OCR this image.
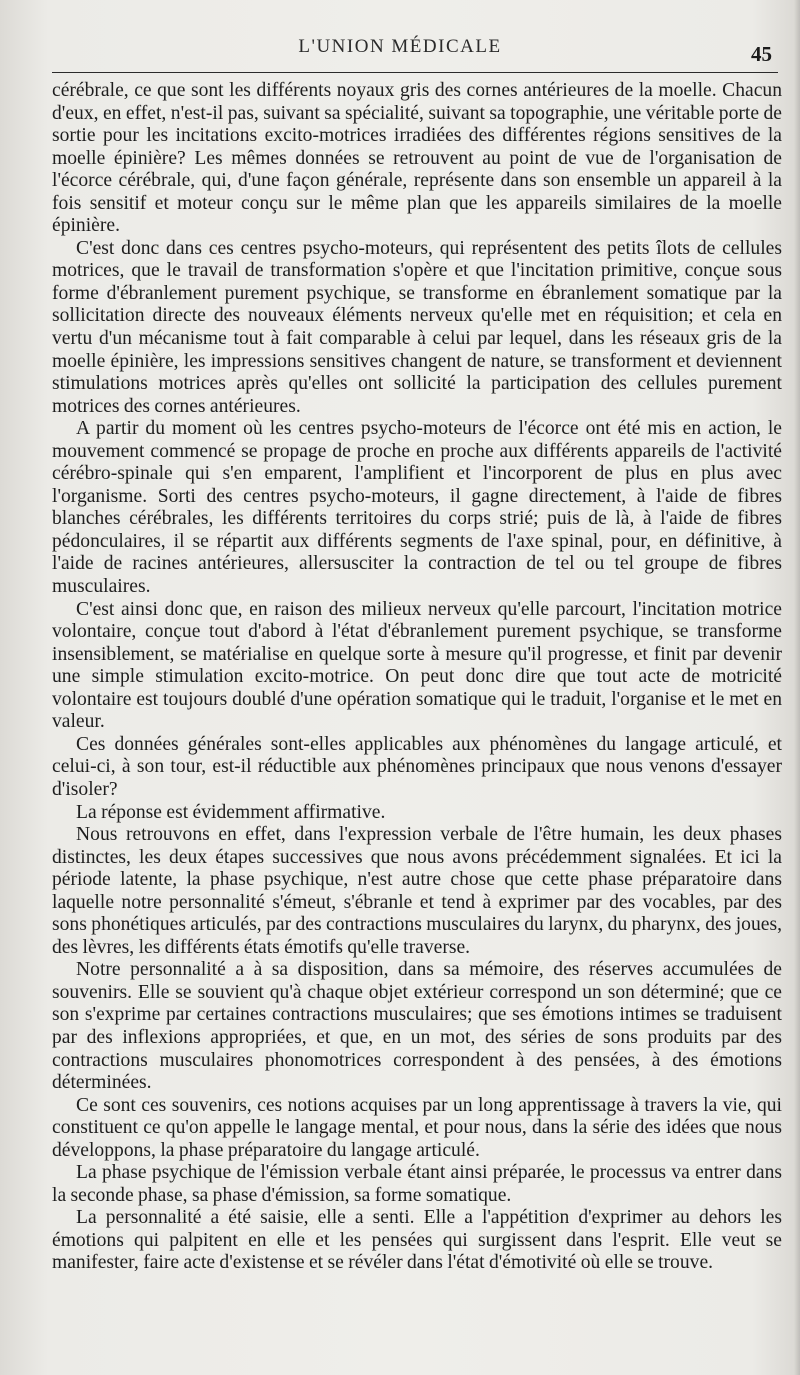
L'UNION MÉDICALE	45

cérébrale, ce que sont les différents noyaux gris des cornes antérieures de la moelle. Chacun d'eux, en effet, n'est-il pas, suivant sa spécialité, suivant sa topographie, une véritable porte de sortie pour les incitations excito-motrices irradiées des différentes régions sensitives de la moelle épinière? Les mêmes données se retrouvent au point de vue de l'organisation de l'écorce cérébrale, qui, d'une façon générale, représente dans son ensemble un appareil à la fois sensitif et moteur conçu sur le même plan que les appareils similaires de la moelle épinière.

C'est donc dans ces centres psycho-moteurs, qui représentent des petits îlots de cellules motrices, que le travail de transformation s'opère et que l'incitation primitive, conçue sous forme d'ébranlement purement psychique, se transforme en ébranlement somatique par la sollicitation directe des nouveaux éléments nerveux qu'elle met en réquisition; et cela en vertu d'un mécanisme tout à fait comparable à celui par lequel, dans les réseaux gris de la moelle épinière, les impressions sensitives changent de nature, se transforment et deviennent stimulations motrices après qu'elles ont sollicité la participation des cellules purement motrices des cornes antérieures.

A partir du moment où les centres psycho-moteurs de l'écorce ont été mis en action, le mouvement commencé se propage de proche en proche aux différents appareils de l'activité cérébro-spinale qui s'en emparent, l'amplifient et l'incorporent de plus en plus avec l'organisme. Sorti des centres psycho-moteurs, il gagne directement, à l'aide de fibres blanches cérébrales, les différents territoires du corps strié; puis de là, à l'aide de fibres pédonculaires, il se répartit aux différents segments de l'axe spinal, pour, en définitive, à l'aide de racines antérieures, allersusciter la contraction de tel ou tel groupe de fibres musculaires.

C'est ainsi donc que, en raison des milieux nerveux qu'elle parcourt, l'incitation motrice volontaire, conçue tout d'abord à l'état d'ébranlement purement psychique, se transforme insensiblement, se matérialise en quelque sorte à mesure qu'il progresse, et finit par devenir une simple stimulation excito-motrice. On peut donc dire que tout acte de motricité volontaire est toujours doublé d'une opération somatique qui le traduit, l'organise et le met en valeur.

Ces données générales sont-elles applicables aux phénomènes du langage articulé, et celui-ci, à son tour, est-il réductible aux phénomènes principaux que nous venons d'essayer d'isoler?

La réponse est évidemment affirmative.

Nous retrouvons en effet, dans l'expression verbale de l'être humain, les deux phases distinctes, les deux étapes successives que nous avons précédemment signalées. Et ici la période latente, la phase psychique, n'est autre chose que cette phase préparatoire dans laquelle notre personnalité s'émeut, s'ébranle et tend à exprimer par des vocables, par des sons phonétiques articulés, par des contractions musculaires du larynx, du pharynx, des joues, des lèvres, les différents états émotifs qu'elle traverse.

Notre personnalité a à sa disposition, dans sa mémoire, des réserves accumulées de souvenirs. Elle se souvient qu'à chaque objet extérieur correspond un son déterminé; que ce son s'exprime par certaines contractions musculaires; que ses émotions intimes se traduisent par des inflexions appropriées, et que, en un mot, des séries de sons produits par des contractions musculaires phonomotrices correspondent à des pensées, à des émotions déterminées.

Ce sont ces souvenirs, ces notions acquises par un long apprentissage à travers la vie, qui constituent ce qu'on appelle le langage mental, et pour nous, dans la série des idées que nous développons, la phase préparatoire du langage articulé.

La phase psychique de l'émission verbale étant ainsi préparée, le processus va entrer dans la seconde phase, sa phase d'émission, sa forme somatique.

La personnalité a été saisie, elle a senti. Elle a l'appétition d'exprimer au dehors les émotions qui palpitent en elle et les pensées qui surgissent dans l'esprit. Elle veut se manifester, faire acte d'existense et se révéler dans l'état d'émotivité où elle se trouve.
